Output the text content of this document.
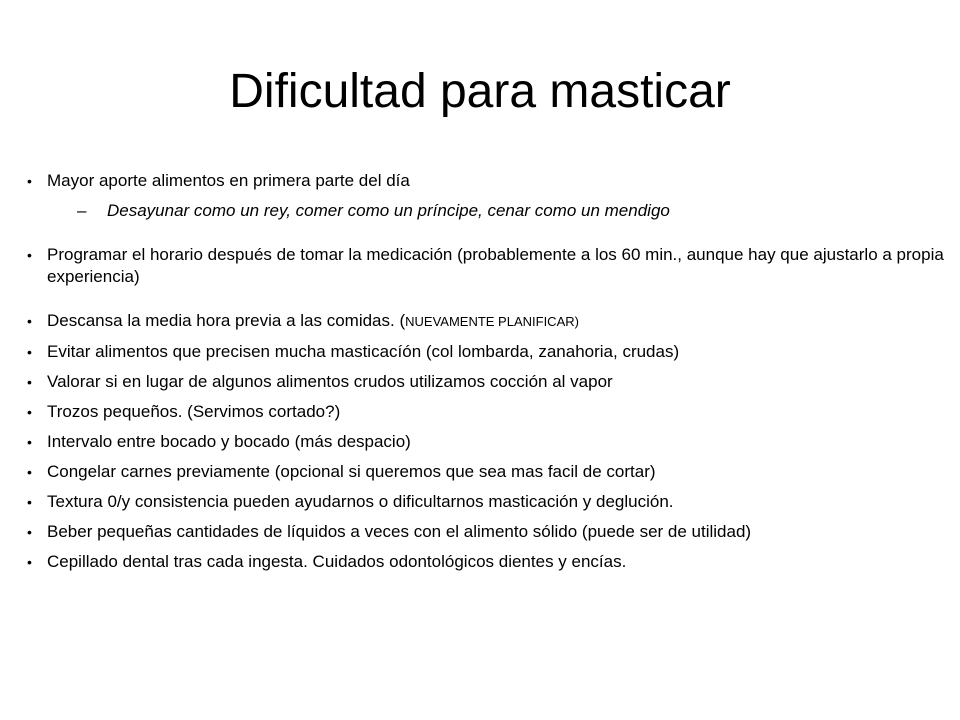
Dificultad para masticar
• Mayor aporte alimentos en primera parte del día
– Desayunar como un rey, comer como un príncipe, cenar como un mendigo
• Programar el horario después de tomar la medicación (probablemente a los 60 min., aunque hay que ajustarlo a propia experiencia)
• Descansa la media hora previa a las comidas. (NUEVAMENTE PLANIFICAR)
• Evitar alimentos que precisen mucha masticacíón (col lombarda, zanahoria, crudas)
• Valorar si en lugar de algunos alimentos crudos utilizamos cocción al vapor
• Trozos pequeños. (Servimos cortado?)
• Intervalo entre bocado y bocado (más despacio)
• Congelar carnes previamente (opcional si queremos que sea mas facil de cortar)
• Textura 0/y consistencia pueden ayudarnos o dificultarnos masticación y deglución.
• Beber pequeñas cantidades de líquidos a veces con el alimento sólido (puede ser de utilidad)
• Cepillado dental tras cada ingesta. Cuidados odontológicos dientes y encías.
